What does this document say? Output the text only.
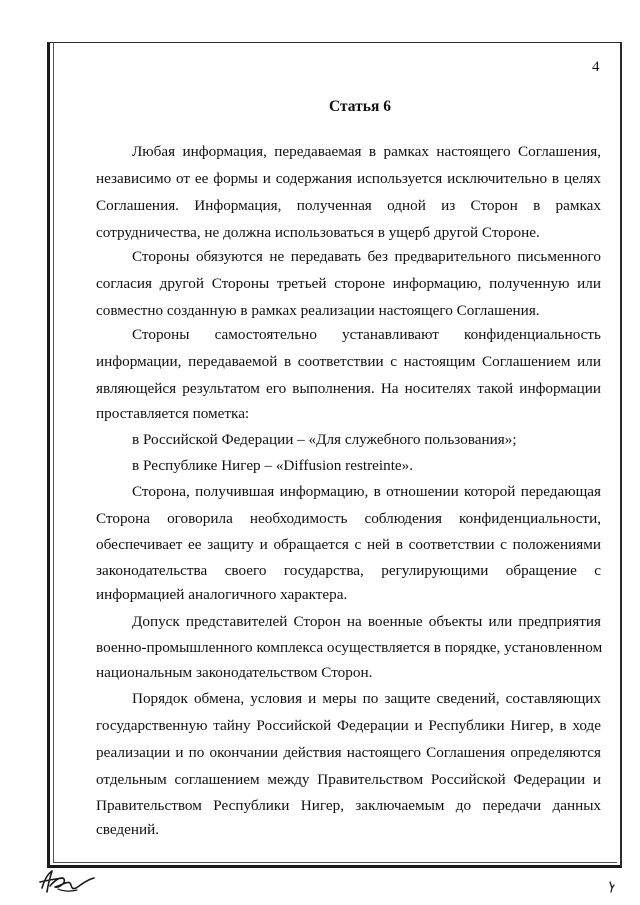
4
Статья 6
Любая информация, передаваемая в рамках настоящего Соглашения,
независимо от ее формы и содержания используется исключительно в целях
Соглашения. Информация, полученная одной из Сторон в рамках
сотрудничества, не должна использоваться в ущерб другой Стороне.
Стороны обязуются не передавать без предварительного письменного
согласия другой Стороны третьей стороне информацию, полученную или
совместно созданную в рамках реализации настоящего Соглашения.
Стороны самостоятельно устанавливают конфиденциальность
информации, передаваемой в соответствии с настоящим Соглашением или
являющейся результатом его выполнения. На носителях такой информации
проставляется пометка:
в Российской Федерации – «Для служебного пользования»;
в Республике Нигер – «Diffusion restreinte».
Сторона, получившая информацию, в отношении которой передающая
Сторона оговорила необходимость соблюдения конфиденциальности,
обеспечивает ее защиту и обращается с ней в соответствии с положениями
законодательства своего государства, регулирующими обращение с
информацией аналогичного характера.
Допуск представителей Сторон на военные объекты или предприятия
военно-промышленного комплекса осуществляется в порядке, установленном
национальным законодательством Сторон.
Порядок обмена, условия и меры по защите сведений, составляющих
государственную тайну Российской Федерации и Республики Нигер, в ходе
реализации и по окончании действия настоящего Соглашения определяются
отдельным соглашением между Правительством Российской Федерации и
Правительством Республики Нигер, заключаемым до передачи данных
сведений.
